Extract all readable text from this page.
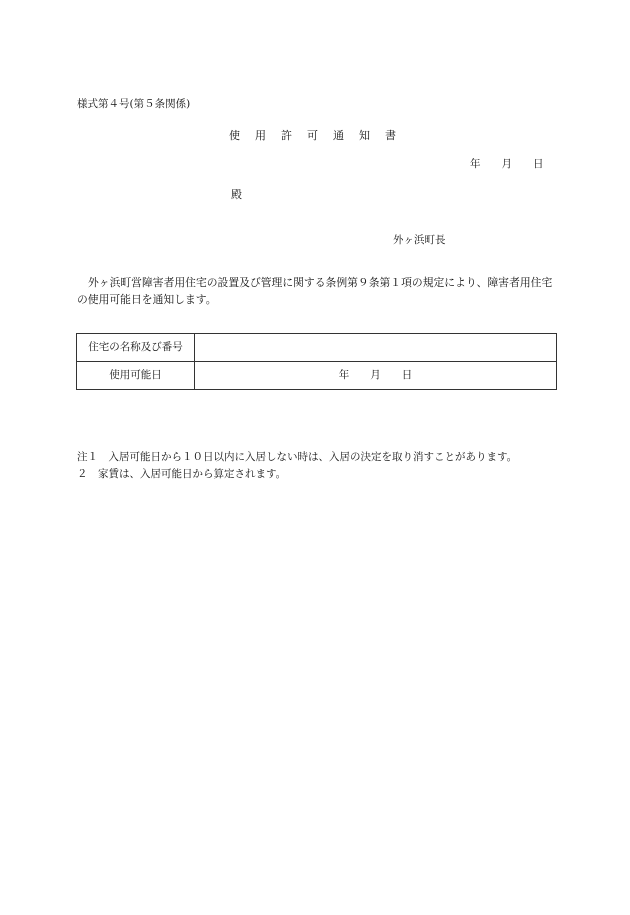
様式第４号(第５条関係)
使　用　許　可　通　知　書
年　　月　　日
殿
外ヶ浜町長
外ヶ浜町営障害者用住宅の設置及び管理に関する条例第９条第１項の規定により、障害者用住宅の使用可能日を通知します。
住宅の名称及び番号	
使用可能日	年　　月　　日
注１　入居可能日から１０日以内に入居しない時は、入居の決定を取り消すことがあります。
２　家賃は、入居可能日から算定されます。
